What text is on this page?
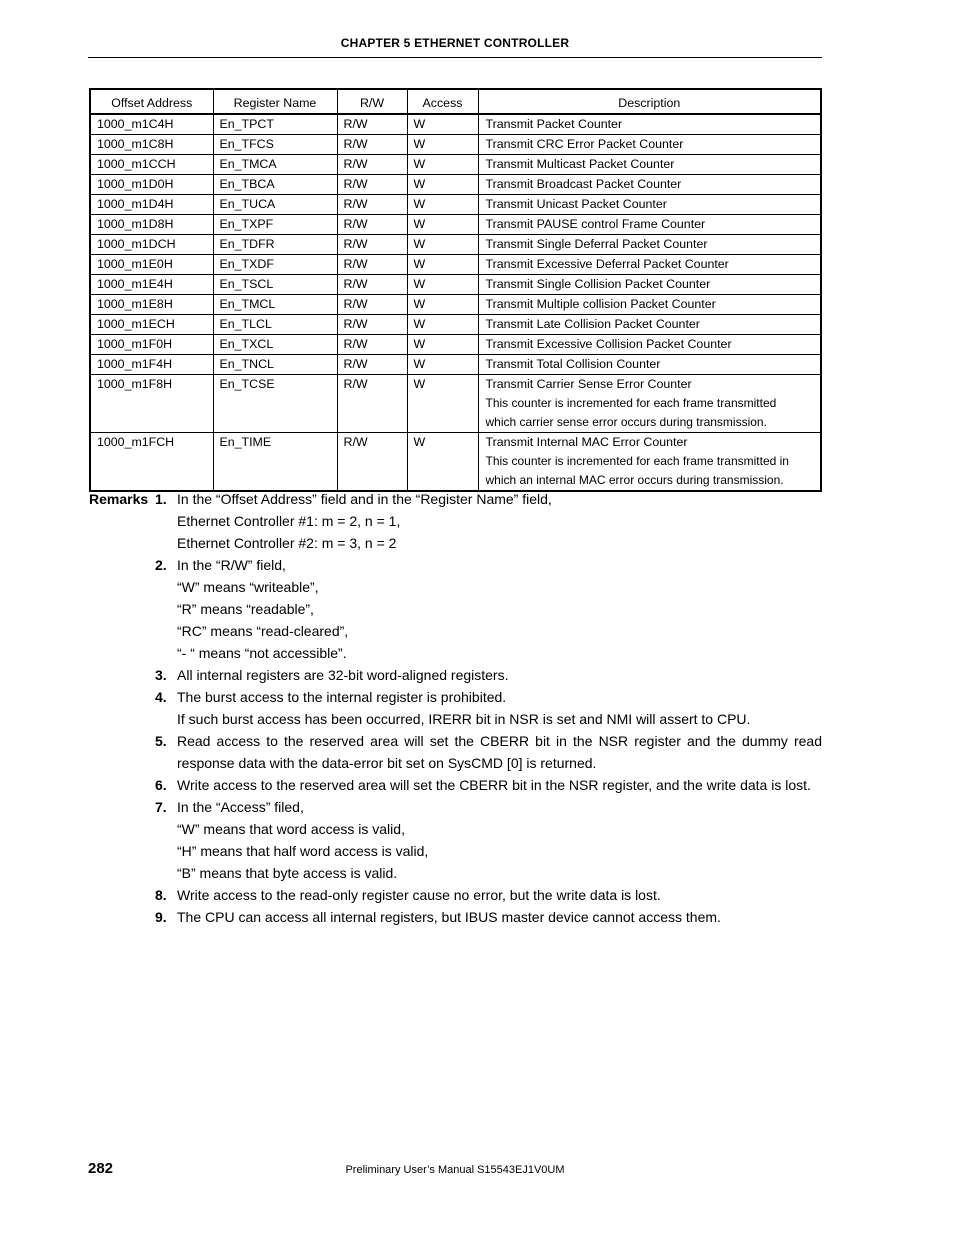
CHAPTER 5 ETHERNET CONTROLLER
Offset Address	Register Name	R/W	Access	Description
1000_m1C4H	En_TPCT	R/W	W	Transmit Packet Counter

1000_m1C8H	En_TFCS	R/W	W	Transmit CRC Error Packet Counter

1000_m1CCH	En_TMCA	R/W	W	Transmit Multicast Packet Counter

1000_m1D0H	En_TBCA	R/W	W	Transmit Broadcast Packet Counter

1000_m1D4H	En_TUCA	R/W	W	Transmit Unicast Packet Counter

1000_m1D8H	En_TXPF	R/W	W	Transmit PAUSE control Frame Counter

1000_m1DCH	En_TDFR	R/W	W	Transmit Single Deferral Packet Counter

1000_m1E0H	En_TXDF	R/W	W	Transmit Excessive Deferral Packet Counter

1000_m1E4H	En_TSCL	R/W	W	Transmit Single Collision Packet Counter

1000_m1E8H	En_TMCL	R/W	W	Transmit Multiple collision Packet Counter

1000_m1ECH	En_TLCL	R/W	W	Transmit Late Collision Packet Counter

1000_m1F0H	En_TXCL	R/W	W	Transmit Excessive Collision Packet Counter

1000_m1F4H	En_TNCL	R/W	W	Transmit Total Collision Counter

1000_m1F8H	En_TCSE	R/W	W	Transmit Carrier Sense Error Counter
This counter is incremented for each frame transmitted
which carrier sense error occurs during transmission.

1000_m1FCH	En_TIME	R/W	W	Transmit Internal MAC Error Counter
This counter is incremented for each frame transmitted in
which an internal MAC error occurs during transmission.
Remarks 1. In the “Offset Address” field and in the “Register Name” field,
Ethernet Controller #1: m = 2, n = 1,
Ethernet Controller #2: m = 3, n = 2
2. In the “R/W” field,
“W” means “writeable”,
“R” means “readable”,
“RC” means “read-cleared”,
“- “ means “not accessible”.
3. All internal registers are 32-bit word-aligned registers.
4. The burst access to the internal register is prohibited.
If such burst access has been occurred, IRERR bit in NSR is set and NMI will assert to CPU.
5. Read access to the reserved area will set the CBERR bit in the NSR register and the dummy read response data with the data-error bit set on SysCMD [0] is returned.
6. Write access to the reserved area will set the CBERR bit in the NSR register, and the write data is lost.
7. In the “Access” filed,
“W” means that word access is valid,
“H” means that half word access is valid,
“B” means that byte access is valid.
8. Write access to the read-only register cause no error, but the write data is lost.
9. The CPU can access all internal registers, but IBUS master device cannot access them.
282	Preliminary User’s Manual S15543EJ1V0UM
